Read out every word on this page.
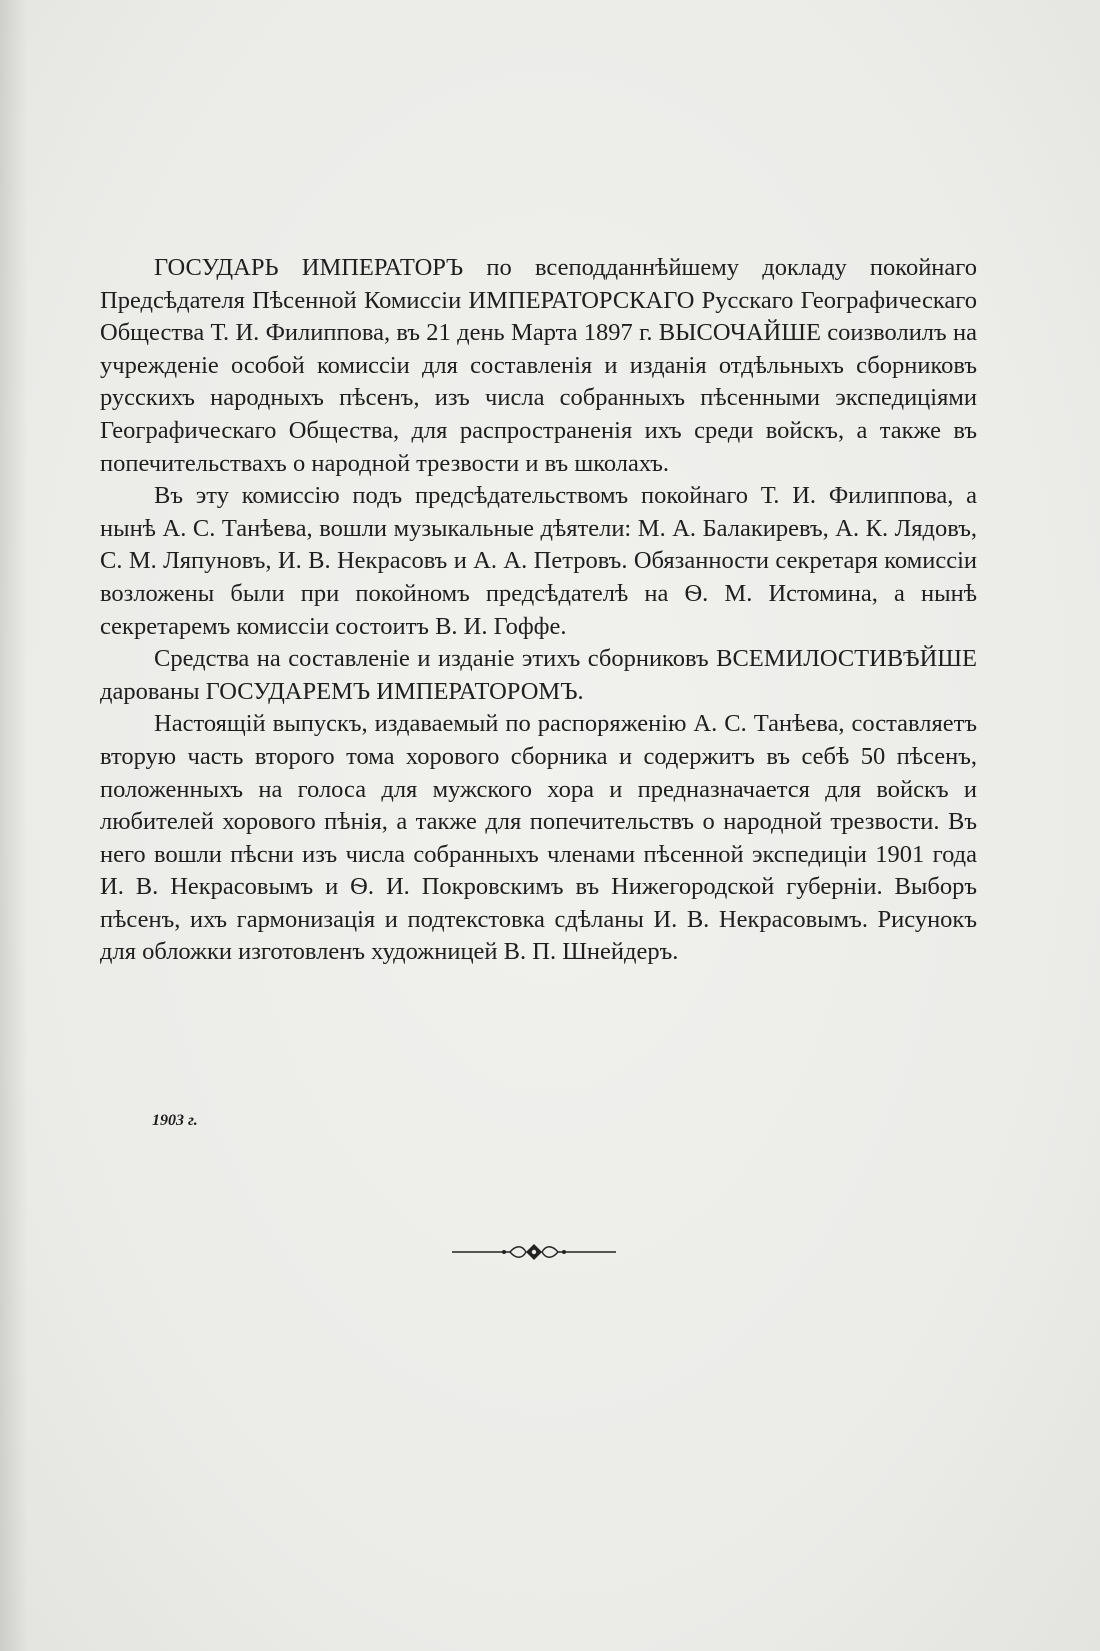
ГОСУДАРЬ ИМПЕРАТОРЪ по всеподданнѣйшему докладу покойнаго Предсѣдателя Пѣсенной Комиссіи ИМПЕРАТОРСКАГО Русскаго Географическаго Общества Т. И. Филиппова, въ 21 день Марта 1897 г. ВЫСОЧАЙШЕ соизволилъ на учрежденіе особой комиссіи для составленія и изданія отдѣльныхъ сборниковъ русскихъ народныхъ пѣсенъ, изъ числа собранныхъ пѣсенными экспедиціями Географическаго Общества, для распространенія ихъ среди войскъ, а также въ попечительствахъ о народной трезвости и въ школахъ.

Въ эту комиссію подъ предсѣдательствомъ покойнаго Т. И. Филиппова, а нынѣ А. С. Танѣева, вошли музыкальные дѣятели: М. А. Балакиревъ, А. К. Лядовъ, С. М. Ляпуновъ, И. В. Некрасовъ и А. А. Петровъ. Обязанности секретаря комиссіи возложены были при покойномъ предсѣдателѣ на Ѳ. М. Истомина, а нынѣ секретаремъ комиссіи состоитъ В. И. Гоффе.

Средства на составленіе и изданіе этихъ сборниковъ ВСЕМИЛОСТИВѢЙШЕ дарованы ГОСУДАРЕМЪ ИМПЕРАТОРОМЪ.

Настоящій выпускъ, издаваемый по распоряженію А. С. Танѣева, составляетъ вторую часть второго тома хорового сборника и содержитъ въ себѣ 50 пѣсенъ, положенныхъ на голоса для мужского хора и предназначается для войскъ и любителей хорового пѣнія, а также для попечительствъ о народной трезвости. Въ него вошли пѣсни изъ числа собранныхъ членами пѣсенной экспедиціи 1901 года И. В. Некрасовымъ и Ѳ. И. Покровскимъ въ Нижегородской губерніи. Выборъ пѣсенъ, ихъ гармонизація и подтекстовка сдѣланы И. В. Некрасовымъ. Рисунокъ для обложки изготовленъ художницей В. П. Шнейдеръ.

1903 г.
